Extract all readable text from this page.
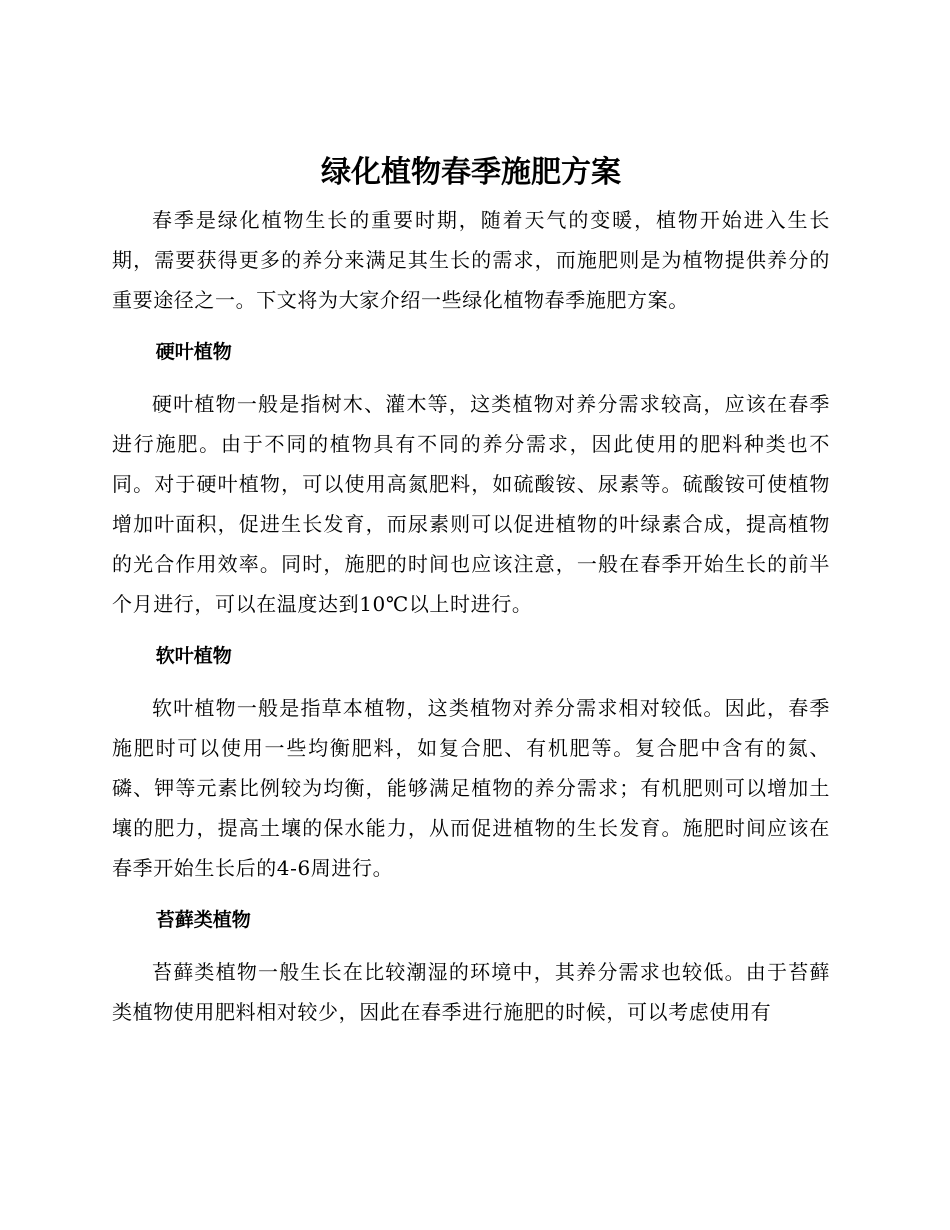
绿化植物春季施肥方案

春季是绿化植物生长的重要时期，随着天气的变暖，植物开始进入生长期，需要获得更多的养分来满足其生长的需求，而施肥则是为植物提供养分的重要途径之一。下文将为大家介绍一些绿化植物春季施肥方案。

硬叶植物

硬叶植物一般是指树木、灌木等，这类植物对养分需求较高，应该在春季进行施肥。由于不同的植物具有不同的养分需求，因此使用的肥料种类也不同。对于硬叶植物，可以使用高氮肥料，如硫酸铵、尿素等。硫酸铵可使植物增加叶面积，促进生长发育，而尿素则可以促进植物的叶绿素合成，提高植物的光合作用效率。同时，施肥的时间也应该注意，一般在春季开始生长的前半个月进行，可以在温度达到10℃以上时进行。

软叶植物

软叶植物一般是指草本植物，这类植物对养分需求相对较低。因此，春季施肥时可以使用一些均衡肥料，如复合肥、有机肥等。复合肥中含有的氮、磷、钾等元素比例较为均衡，能够满足植物的养分需求；有机肥则可以增加土壤的肥力，提高土壤的保水能力，从而促进植物的生长发育。施肥时间应该在春季开始生长后的4-6周进行。

苔藓类植物

苔藓类植物一般生长在比较潮湿的环境中，其养分需求也较低。由于苔藓类植物使用肥料相对较少，因此在春季进行施肥的时候，可以考虑使用有
